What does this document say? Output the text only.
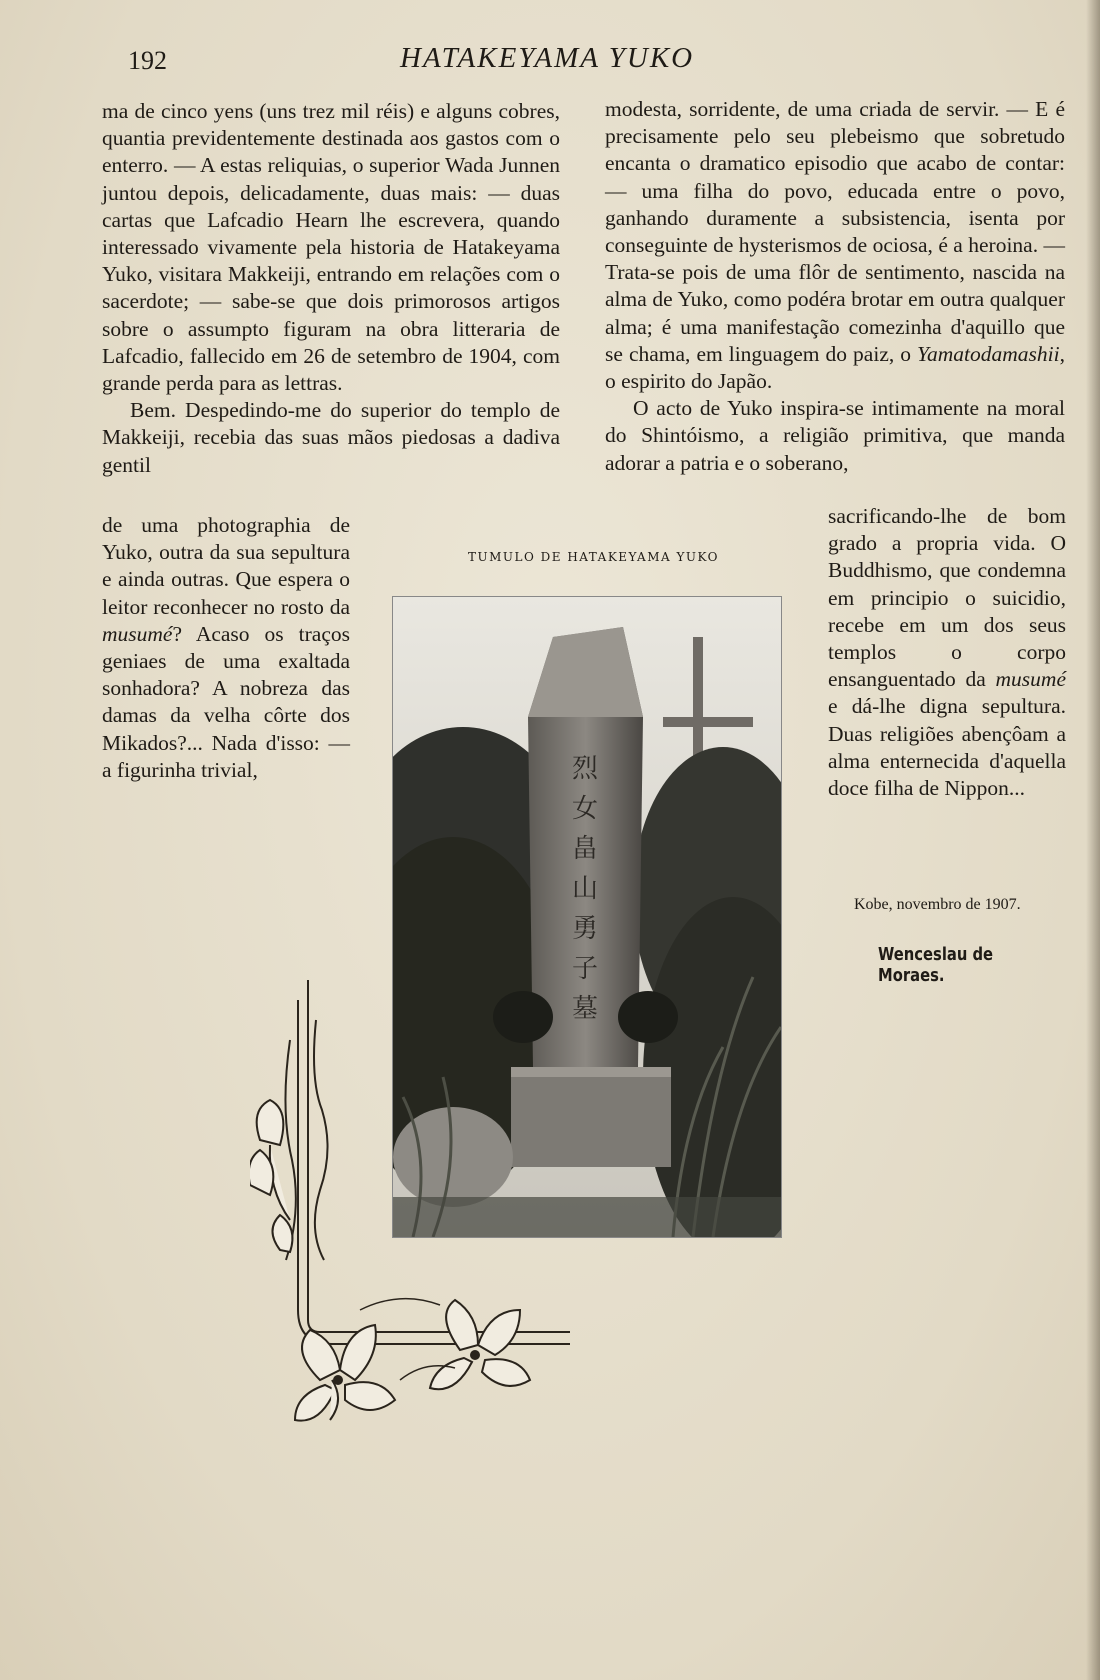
192	HATAKEYAMA YUKO

ma de cinco yens (uns trez mil réis) e alguns cobres, quantia previdentemente destinada aos gastos com o enterro. — A estas reliquias, o superior Wada Junnen juntou depois, delicadamente, duas mais: — duas cartas que Lafcadio Hearn lhe escrevera, quando interessado vivamente pela historia de Hatakeyama Yuko, visitara Makkeiji, entrando em relações com o sacerdote; — sabe-se que dois primorosos artigos sobre o assumpto figuram na obra litteraria de Lafcadio, fallecido em 26 de setembro de 1904, com grande perda para as lettras.

Bem. Despedindo-me do superior do templo de Makkeiji, recebia das suas mãos piedosas a dadiva gentil

de uma photographia de Yuko, outra da sua sepultura e ainda outras. Que espera o leitor reconhecer no rosto da musumé? Acaso os traços geniaes de uma exaltada sonhadora? A nobreza das damas da velha côrte dos Mikados?... Nada d'isso: — a figurinha trivial,

modesta, sorridente, de uma criada de servir. — E é precisamente pelo seu plebeismo que sobretudo encanta o dramatico episodio que acabo de contar: — uma filha do povo, educada entre o povo, ganhando duramente a subsistencia, isenta por conseguinte de hysterismos de ociosa, é a heroina. — Trata-se pois de uma flôr de sentimento, nascida na alma de Yuko, como podéra brotar em outra qualquer alma; é uma manifestação comezinha d'aquillo que se chama, em linguagem do paiz, o Yamatodamashii, o espirito do Japão.

O acto de Yuko inspira-se intimamente na moral do Shintóismo, a religião primitiva, que manda adorar a patria e o soberano,

sacrificando-lhe de bom grado a propria vida. O Buddhismo, que condemna em principio o suicidio, recebe em um dos seus templos o corpo ensanguentado da musumé e dá-lhe digna sepultura. Duas religiões abençôam a alma enternecida d'aquella doce filha de Nippon...

TUMULO DE HATAKEYAMA YUKO
烈
女
畠
山
勇
子
墓
Kobe, novembro de 1907.
Wenceslau de Moraes.
